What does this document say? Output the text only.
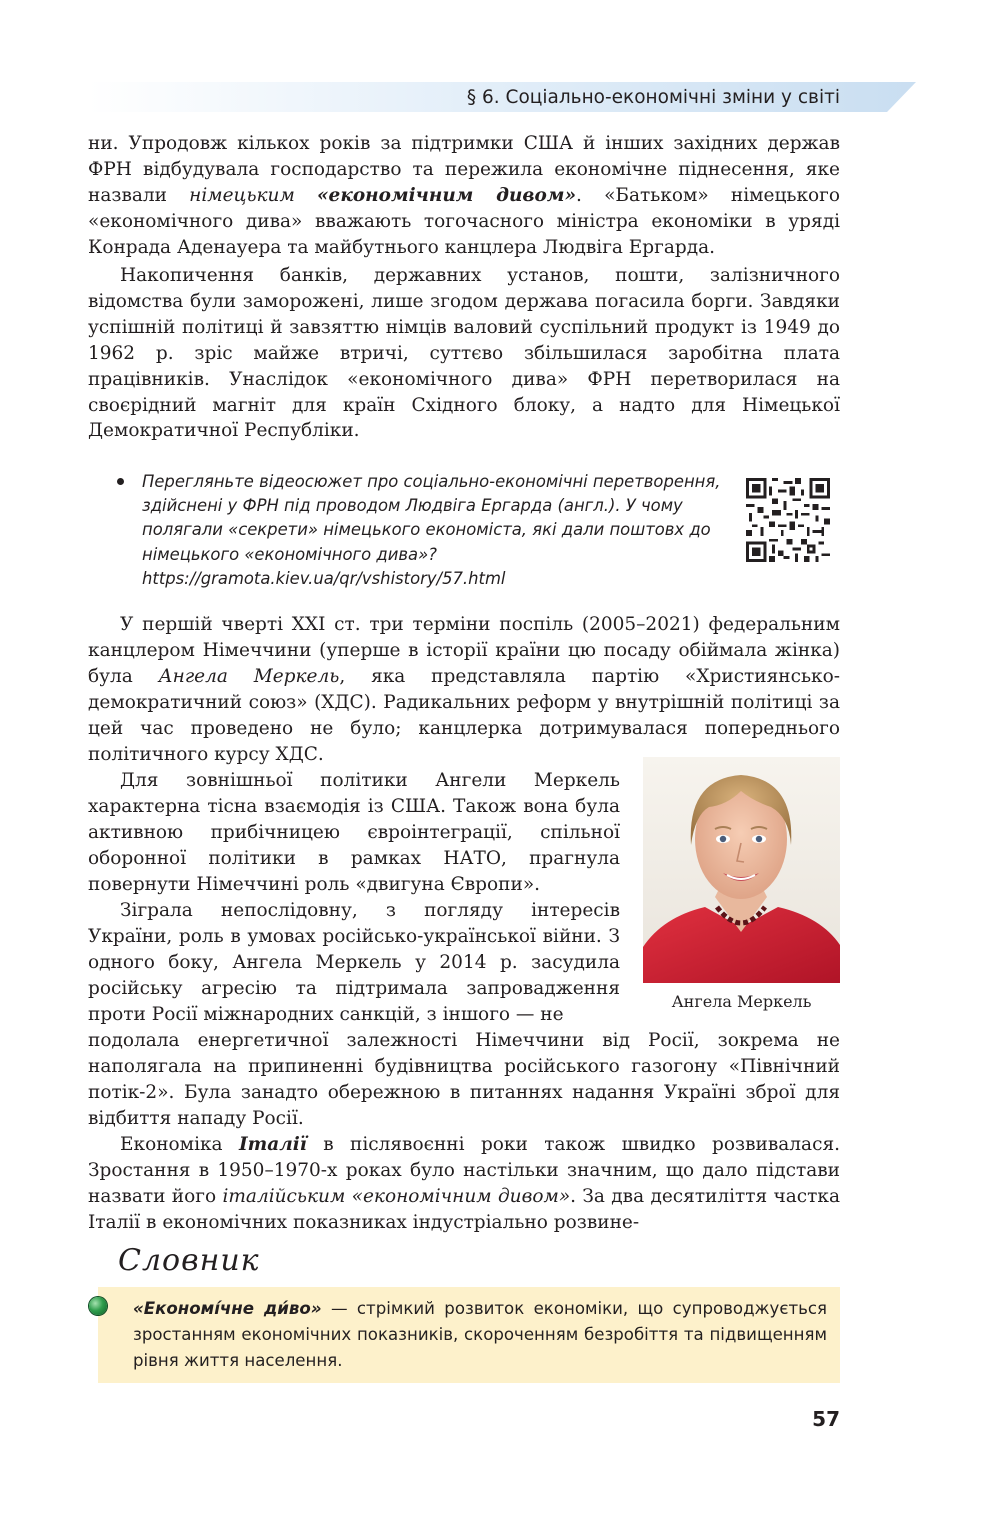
§ 6. Соціально-економічні зміни у світі

ни. Упродовж кількох років за підтримки США й інших західних держав ФРН відбудувала господарство та пережила економічне піднесення, яке назвали німецьким «економічним дивом». «Батьком» німецького «економічного дива» вважають тогочасного міністра економіки в уряді Конрада Аденауера та майбутнього канцлера Людвіга Ергарда.

Накопичення банків, державних установ, пошти, залізничного відомства були заморожені, лише згодом держава погасила борги. Завдяки успішній політиці й завзяттю німців валовий суспільний продукт із 1949 до 1962 р. зріс майже втричі, суттєво збільшилася заробітна плата працівників. Унаслідок «економічного дива» ФРН перетворилася на своєрідний магніт для країн Східного блоку, а надто для Німецької Демократичної Республіки.

Перегляньте відеосюжет про соціально-економічні перетворення, здійснені у ФРН під проводом Людвіга Ергарда (англ.). У чому полягали «секрети» німецького економіста, які дали поштовх до німецького «економічного дива»?
https://gramota.kiev.ua/qr/vshistory/57.html

У першій чверті XXI ст. три терміни поспіль (2005–2021) федеральним канцлером Німеччини (уперше в історії країни цю посаду обіймала жінка) була Ангела Меркель, яка представляла партію «Християнсько-демократичний союз» (ХДС). Радикальних реформ у внутрішній політиці за цей час проведено не було; канцлерка дотримувалася попереднього політичного курсу ХДС.

Для зовнішньої політики Ангели Меркель характерна тісна взаємодія із США. Також вона була активною прибічницею євроінтеграції, спільної оборонної політики в рамках НАТО, прагнула повернути Німеччині роль «двигуна Європи».

Зіграла непослідовну, з погляду інтересів України, роль в умовах російсько-української війни. З одного боку, Ангела Меркель у 2014 р. засудила російську агресію та підтримала запровадження проти Росії міжнародних санкцій, з іншого — не

подолала енергетичної залежності Німеччини від Росії, зокрема не наполягала на припиненні будівництва російського газогону «Північний потік-2». Була занадто обережною в питаннях надання Україні зброї для відбиття нападу Росії.

Економіка Італії в післявоєнні роки також швидко розвивалася. Зростання в 1950–1970-х роках було настільки значним, що дало підстави назвати його італійським «економічним дивом». За два десятиліття частка Італії в економічних показниках індустріально розвине-

Ангела Меркель
Словник

«Економі́чне ди́во» — стрімкий розвиток економіки, що супроводжується зростанням економічних показників, скороченням безробіття та підвищенням рівня життя населення.

57
